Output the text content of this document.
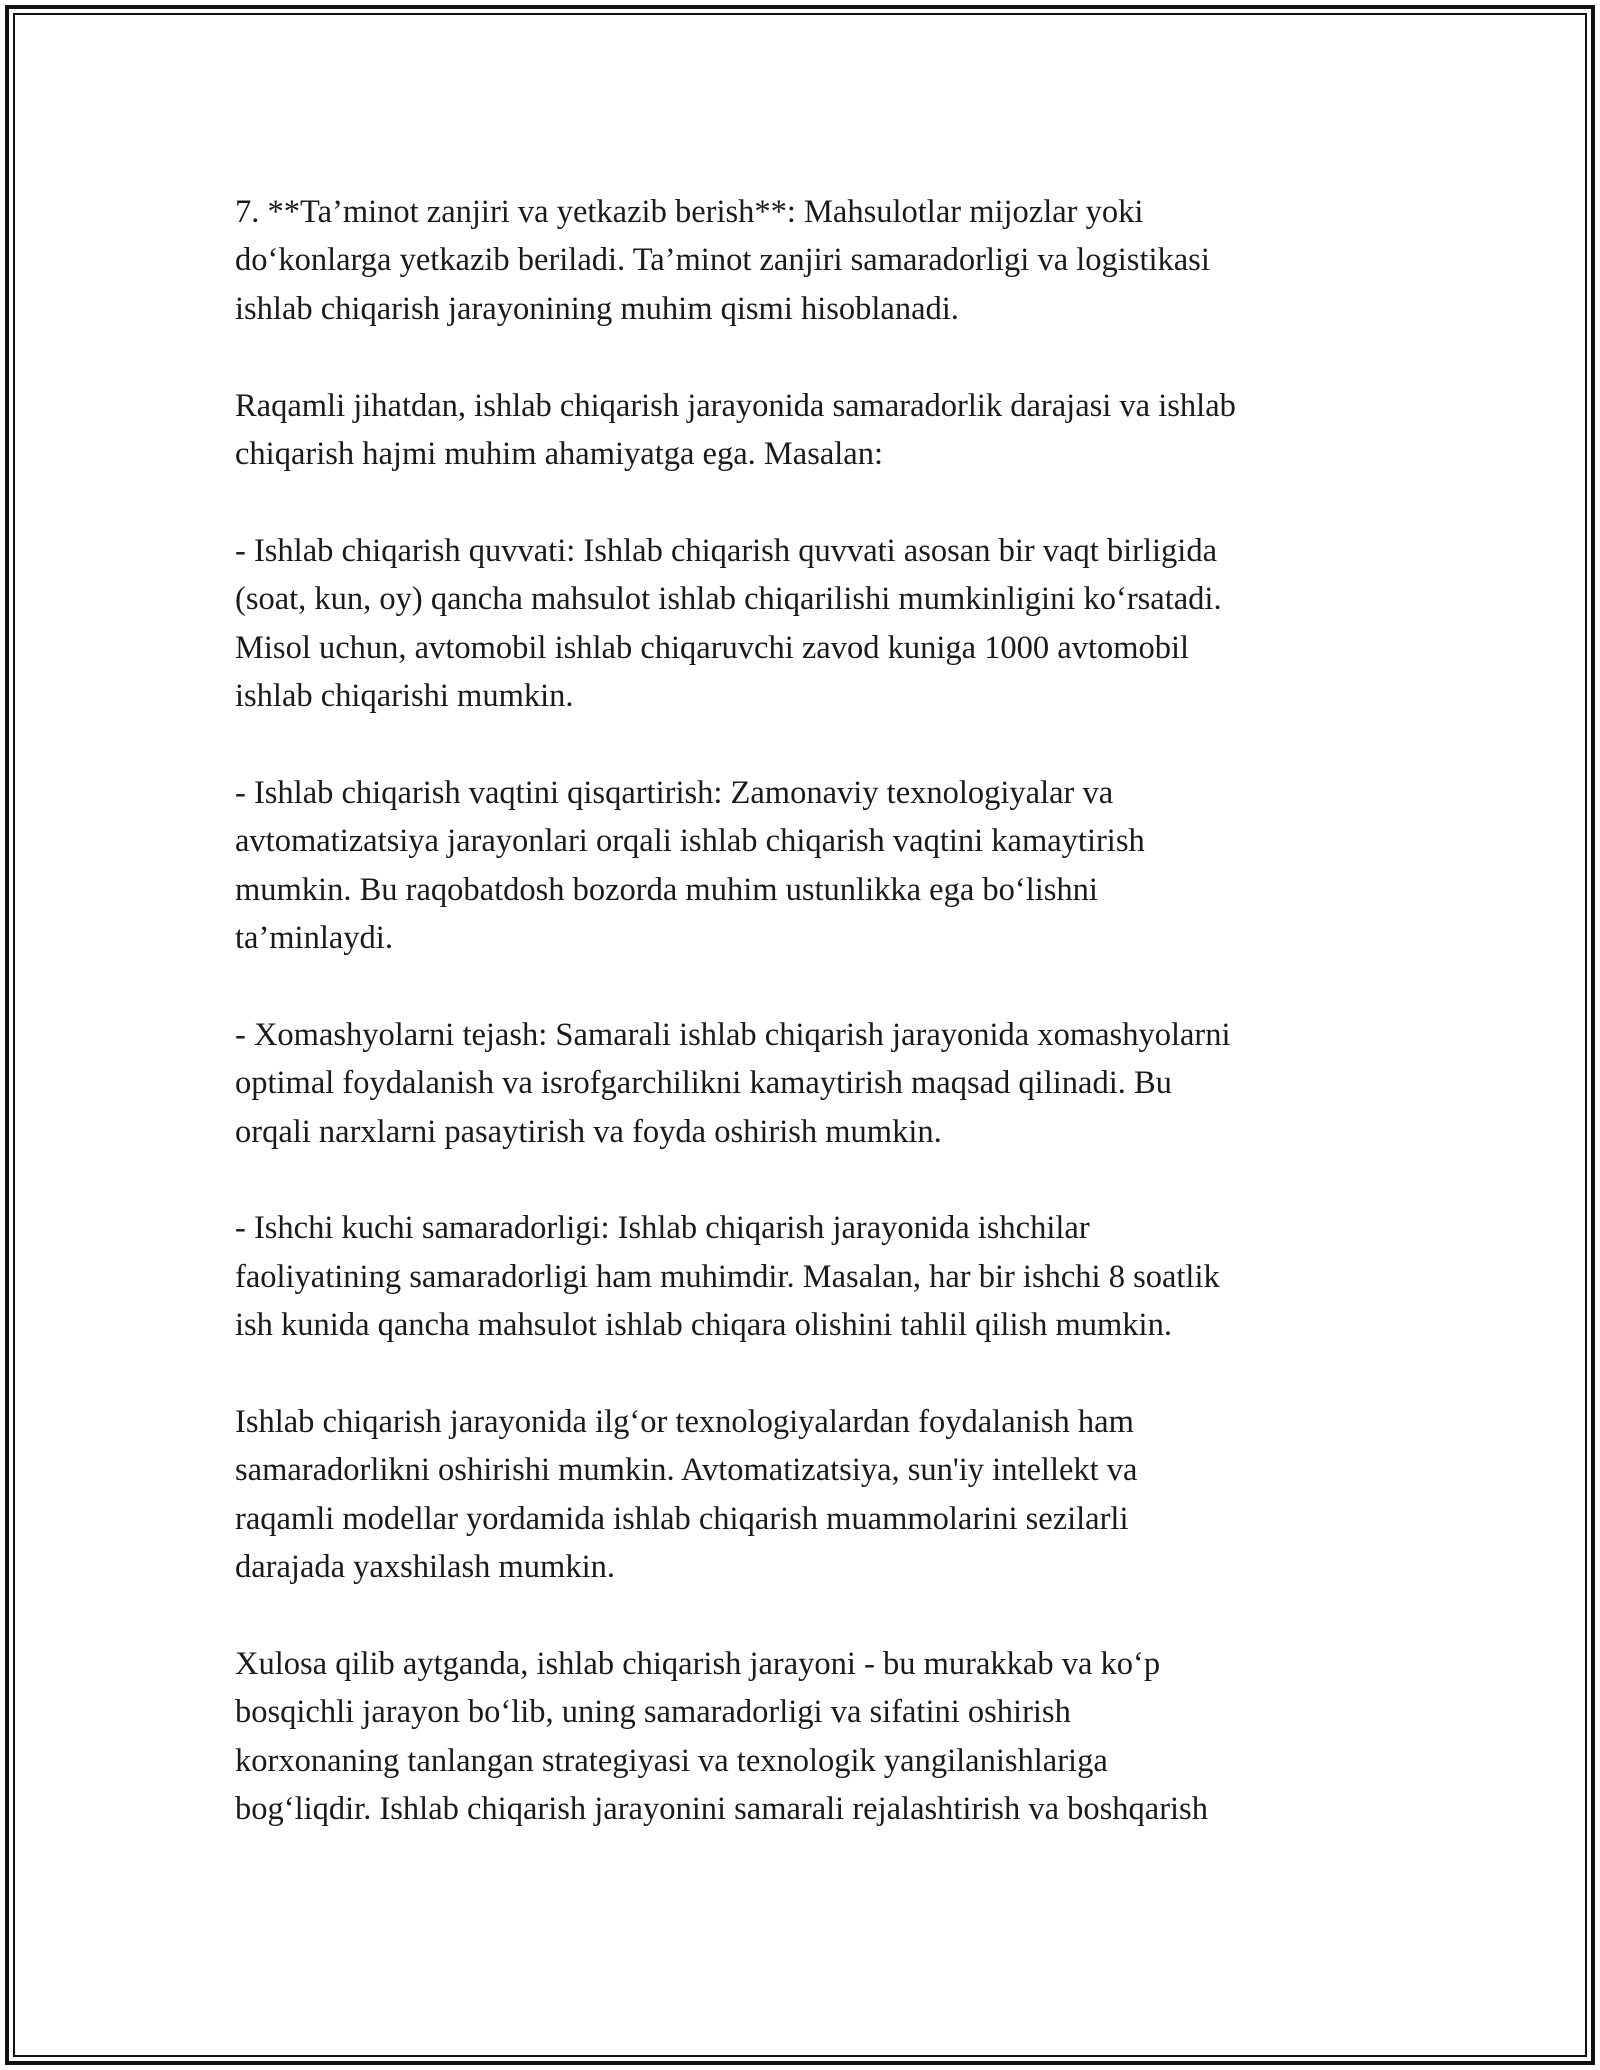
7. **Ta’minot zanjiri va yetkazib berish**: Mahsulotlar mijozlar yoki
do‘konlarga yetkazib beriladi. Ta’minot zanjiri samaradorligi va logistikasi
ishlab chiqarish jarayonining muhim qismi hisoblanadi.

Raqamli jihatdan, ishlab chiqarish jarayonida samaradorlik darajasi va ishlab
chiqarish hajmi muhim ahamiyatga ega. Masalan:

- Ishlab chiqarish quvvati: Ishlab chiqarish quvvati asosan bir vaqt birligida
(soat, kun, oy) qancha mahsulot ishlab chiqarilishi mumkinligini ko‘rsatadi.
Misol uchun, avtomobil ishlab chiqaruvchi zavod kuniga 1000 avtomobil
ishlab chiqarishi mumkin.

- Ishlab chiqarish vaqtini qisqartirish: Zamonaviy texnologiyalar va
avtomatizatsiya jarayonlari orqali ishlab chiqarish vaqtini kamaytirish
mumkin. Bu raqobatdosh bozorda muhim ustunlikka ega bo‘lishni
ta’minlaydi.

- Xomashyolarni tejash: Samarali ishlab chiqarish jarayonida xomashyolarni
optimal foydalanish va isrofgarchilikni kamaytirish maqsad qilinadi. Bu
orqali narxlarni pasaytirish va foyda oshirish mumkin.

- Ishchi kuchi samaradorligi: Ishlab chiqarish jarayonida ishchilar
faoliyatining samaradorligi ham muhimdir. Masalan, har bir ishchi 8 soatlik
ish kunida qancha mahsulot ishlab chiqara olishini tahlil qilish mumkin.

Ishlab chiqarish jarayonida ilg‘or texnologiyalardan foydalanish ham
samaradorlikni oshirishi mumkin. Avtomatizatsiya, sun'iy intellekt va
raqamli modellar yordamida ishlab chiqarish muammolarini sezilarli
darajada yaxshilash mumkin.

Xulosa qilib aytganda, ishlab chiqarish jarayoni - bu murakkab va ko‘p
bosqichli jarayon bo‘lib, uning samaradorligi va sifatini oshirish
korxonaning tanlangan strategiyasi va texnologik yangilanishlariga
bog‘liqdir. Ishlab chiqarish jarayonini samarali rejalashtirish va boshqarish
